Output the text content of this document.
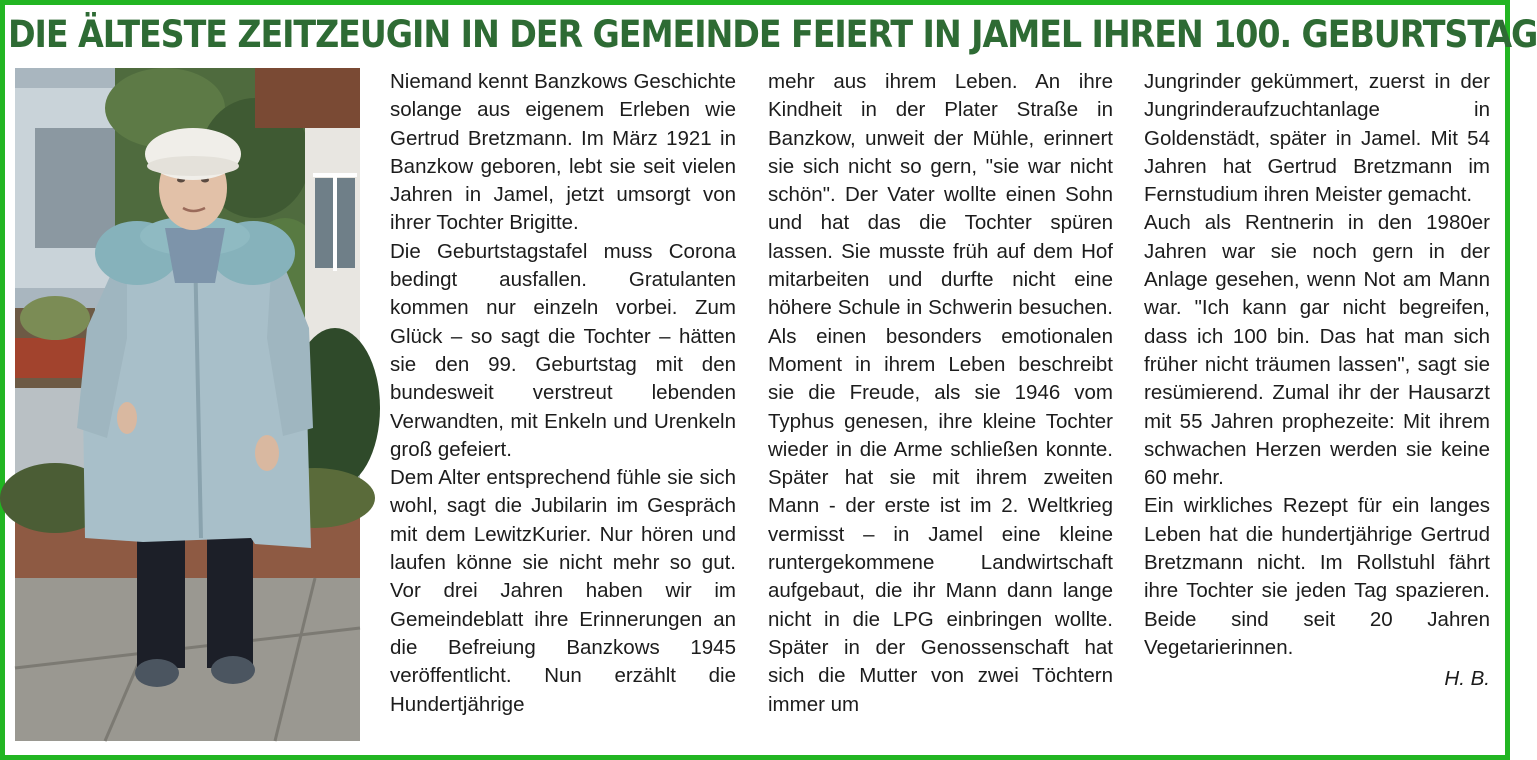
DIE ÄLTESTE ZEITZEUGIN IN DER GEMEINDE FEIERT IN JAMEL IHREN 100. GEBURTSTAG

Niemand kennt Banzkows Geschichte solange aus eigenem Erleben wie Gertrud Bretzmann. Im März 1921 in Banzkow geboren, lebt sie seit vielen Jahren in Jamel, jetzt umsorgt von ihrer Tochter Brigitte.

Die Geburtstagstafel muss Corona bedingt ausfallen. Gratulanten kommen nur einzeln vorbei. Zum Glück – so sagt die Tochter – hätten sie den 99. Geburtstag mit den bundesweit verstreut lebenden Verwandten, mit Enkeln und Urenkeln groß gefeiert.

Dem Alter entsprechend fühle sie sich wohl, sagt die Jubilarin im Gespräch mit dem LewitzKurier. Nur hören und laufen könne sie nicht mehr so gut. Vor drei Jahren haben wir im Gemeindeblatt ihre Erinnerungen an die Befreiung Banzkows 1945 veröffentlicht. Nun erzählt die Hundertjährige

mehr aus ihrem Leben. An ihre Kindheit in der Plater Straße in Banzkow, unweit der Mühle, erinnert sie sich nicht so gern, "sie war nicht schön". Der Vater wollte einen Sohn und hat das die Tochter spüren lassen. Sie musste früh auf dem Hof mitarbeiten und durfte nicht eine höhere Schule in Schwerin besuchen. Als einen besonders emotionalen Moment in ihrem Leben beschreibt sie die Freude, als sie 1946 vom Typhus genesen, ihre kleine Tochter wieder in die Arme schließen konnte. Später hat sie mit ihrem zweiten Mann - der erste ist im 2. Weltkrieg vermisst – in Jamel eine kleine runtergekommene Landwirtschaft aufgebaut, die ihr Mann dann lange nicht in die LPG einbringen wollte. Später in der Genossenschaft hat sich die Mutter von zwei Töchtern immer um

Jungrinder gekümmert, zuerst in der Jungrinderaufzuchtanlage in Goldenstädt, später in Jamel. Mit 54 Jahren hat Gertrud Bretzmann im Fernstudium ihren Meister gemacht.

Auch als Rentnerin in den 1980er Jahren war sie noch gern in der Anlage gesehen, wenn Not am Mann war. "Ich kann gar nicht begreifen, dass ich 100 bin. Das hat man sich früher nicht träumen lassen", sagt sie resümierend. Zumal ihr der Hausarzt mit 55 Jahren prophezeite: Mit ihrem schwachen Herzen werden sie keine 60 mehr.

Ein wirkliches Rezept für ein langes Leben hat die hundertjährige Gertrud Bretzmann nicht. Im Rollstuhl fährt ihre Tochter sie jeden Tag spazieren. Beide sind seit 20 Jahren Vegetarierinnen.

H. B.
